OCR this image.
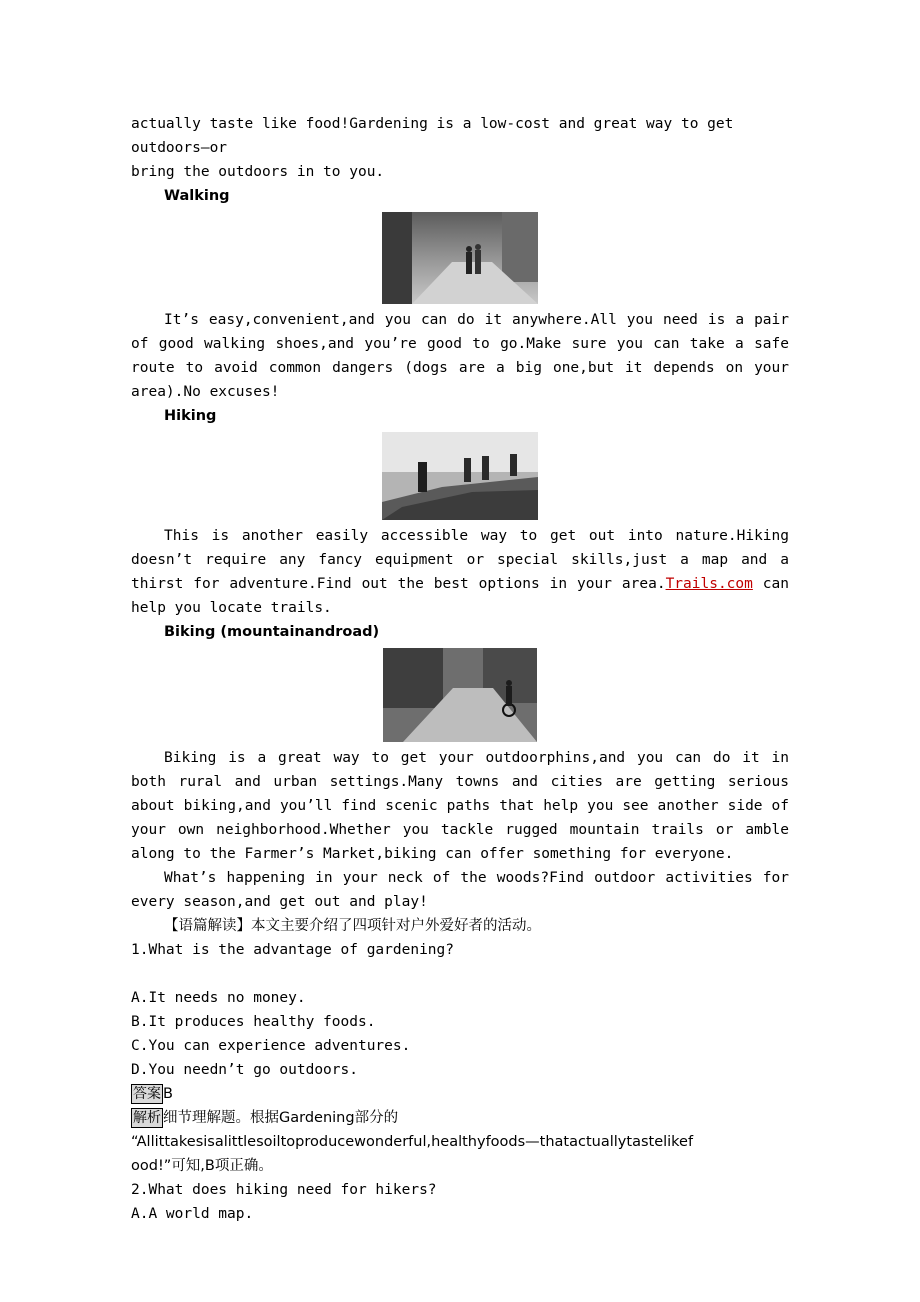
actually taste like food!Gardening is a low-cost and great way to get outdoors—or
bring the outdoors in to you.
Walking

It’s easy,convenient,and you can do it anywhere.All you need is a pair of good walking shoes,and you’re good to go.Make sure you can take a safe route to avoid common dangers (dogs are a big one,but it depends on your area).No excuses!

Hiking

This is another easily accessible way to get out into nature.Hiking doesn’t require any fancy equipment or special skills,just a map and a thirst for adventure.Find out the best options in your area.Trails.com can help you locate trails.

Biking (mountainandroad)

Biking is a great way to get your outdoorphins,and you can do it in both rural and urban settings.Many towns and cities are getting serious about biking,and you’ll find scenic paths that help you see another side of your own neighborhood.Whether you tackle rugged mountain trails or amble along to the Farmer’s Market,biking can offer something for everyone.

What’s happening in your neck of the woods?Find outdoor activities for every season,and get out and play!

【语篇解读】本文主要介绍了四项针对户外爱好者的活动。
1.What is the advantage of gardening?
A.It needs no money.
B.It produces healthy foods.
C.You can experience adventures.
D.You needn’t go outdoors.
答案 B
解析 细节理解题。根据Gardening部分的
“Allittakesisalittlesoiltoproducewonderful,healthyfoods—thatactuallytastelikef
ood!”可知,B项正确。
2.What does hiking need for hikers?
A.A world map.
